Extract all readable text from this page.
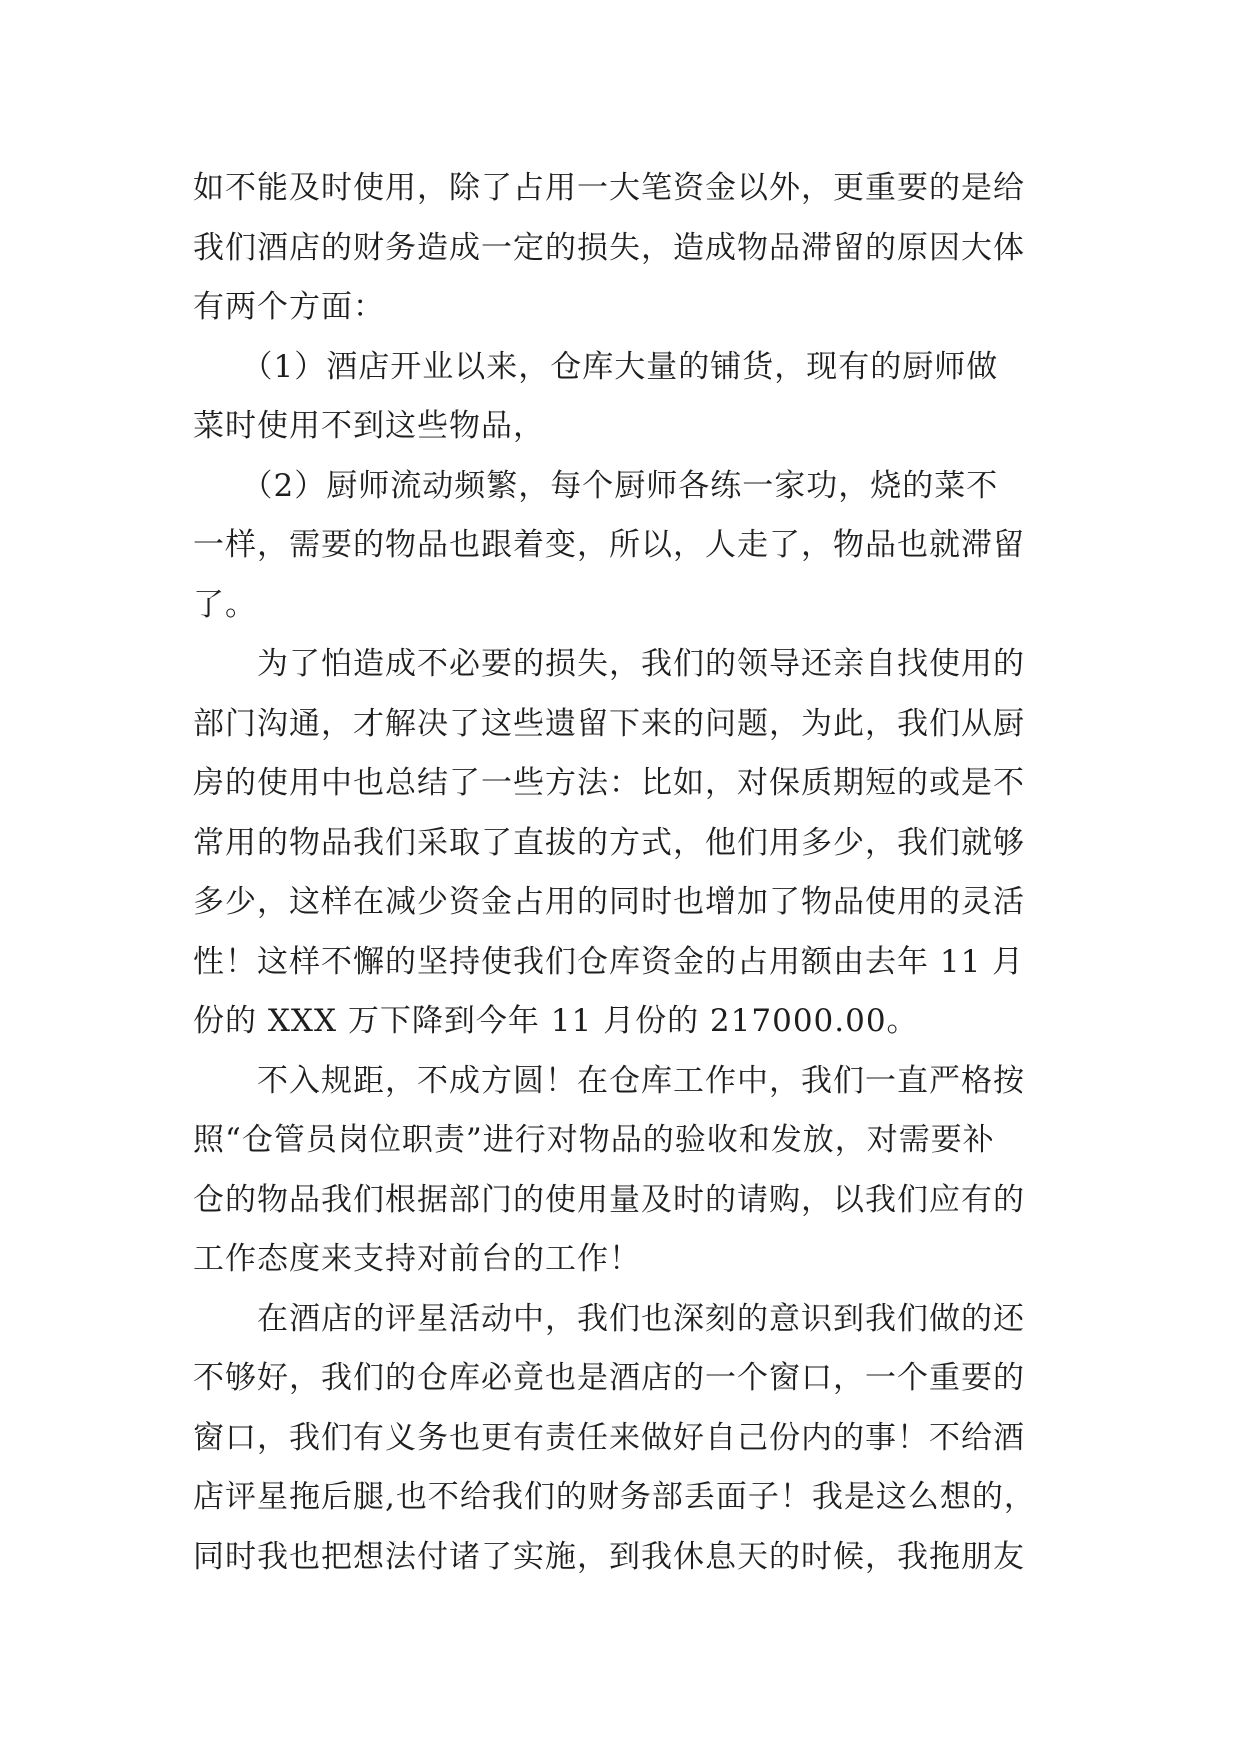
如不能及时使用，除了占用一大笔资金以外，更重要的是给
我们酒店的财务造成一定的损失，造成物品滞留的原因大体
有两个方面：
　　（1）酒店开业以来，仓库大量的铺货，现有的厨师做
菜时使用不到这些物品，
　　（2）厨师流动频繁，每个厨师各练一家功，烧的菜不
一样，需要的物品也跟着变，所以，人走了，物品也就滞留
了。
　　为了怕造成不必要的损失，我们的领导还亲自找使用的
部门沟通，才解决了这些遗留下来的问题，为此，我们从厨
房的使用中也总结了一些方法：比如，对保质期短的或是不
常用的物品我们采取了直拔的方式，他们用多少，我们就够
多少，这样在减少资金占用的同时也增加了物品使用的灵活
性！这样不懈的坚持使我们仓库资金的占用额由去年 11 月
份的 XXX 万下降到今年 11 月份的 217000.00。
　　不入规距，不成方圆！在仓库工作中，我们一直严格按
照“仓管员岗位职责”进行对物品的验收和发放，对需要补
仓的物品我们根据部门的使用量及时的请购，以我们应有的
工作态度来支持对前台的工作！
　　在酒店的评星活动中，我们也深刻的意识到我们做的还
不够好，我们的仓库必竟也是酒店的一个窗口，一个重要的
窗口，我们有义务也更有责任来做好自己份内的事！不给酒
店评星拖后腿,也不给我们的财务部丢面子！我是这么想的，
同时我也把想法付诸了实施，到我休息天的时候，我拖朋友
